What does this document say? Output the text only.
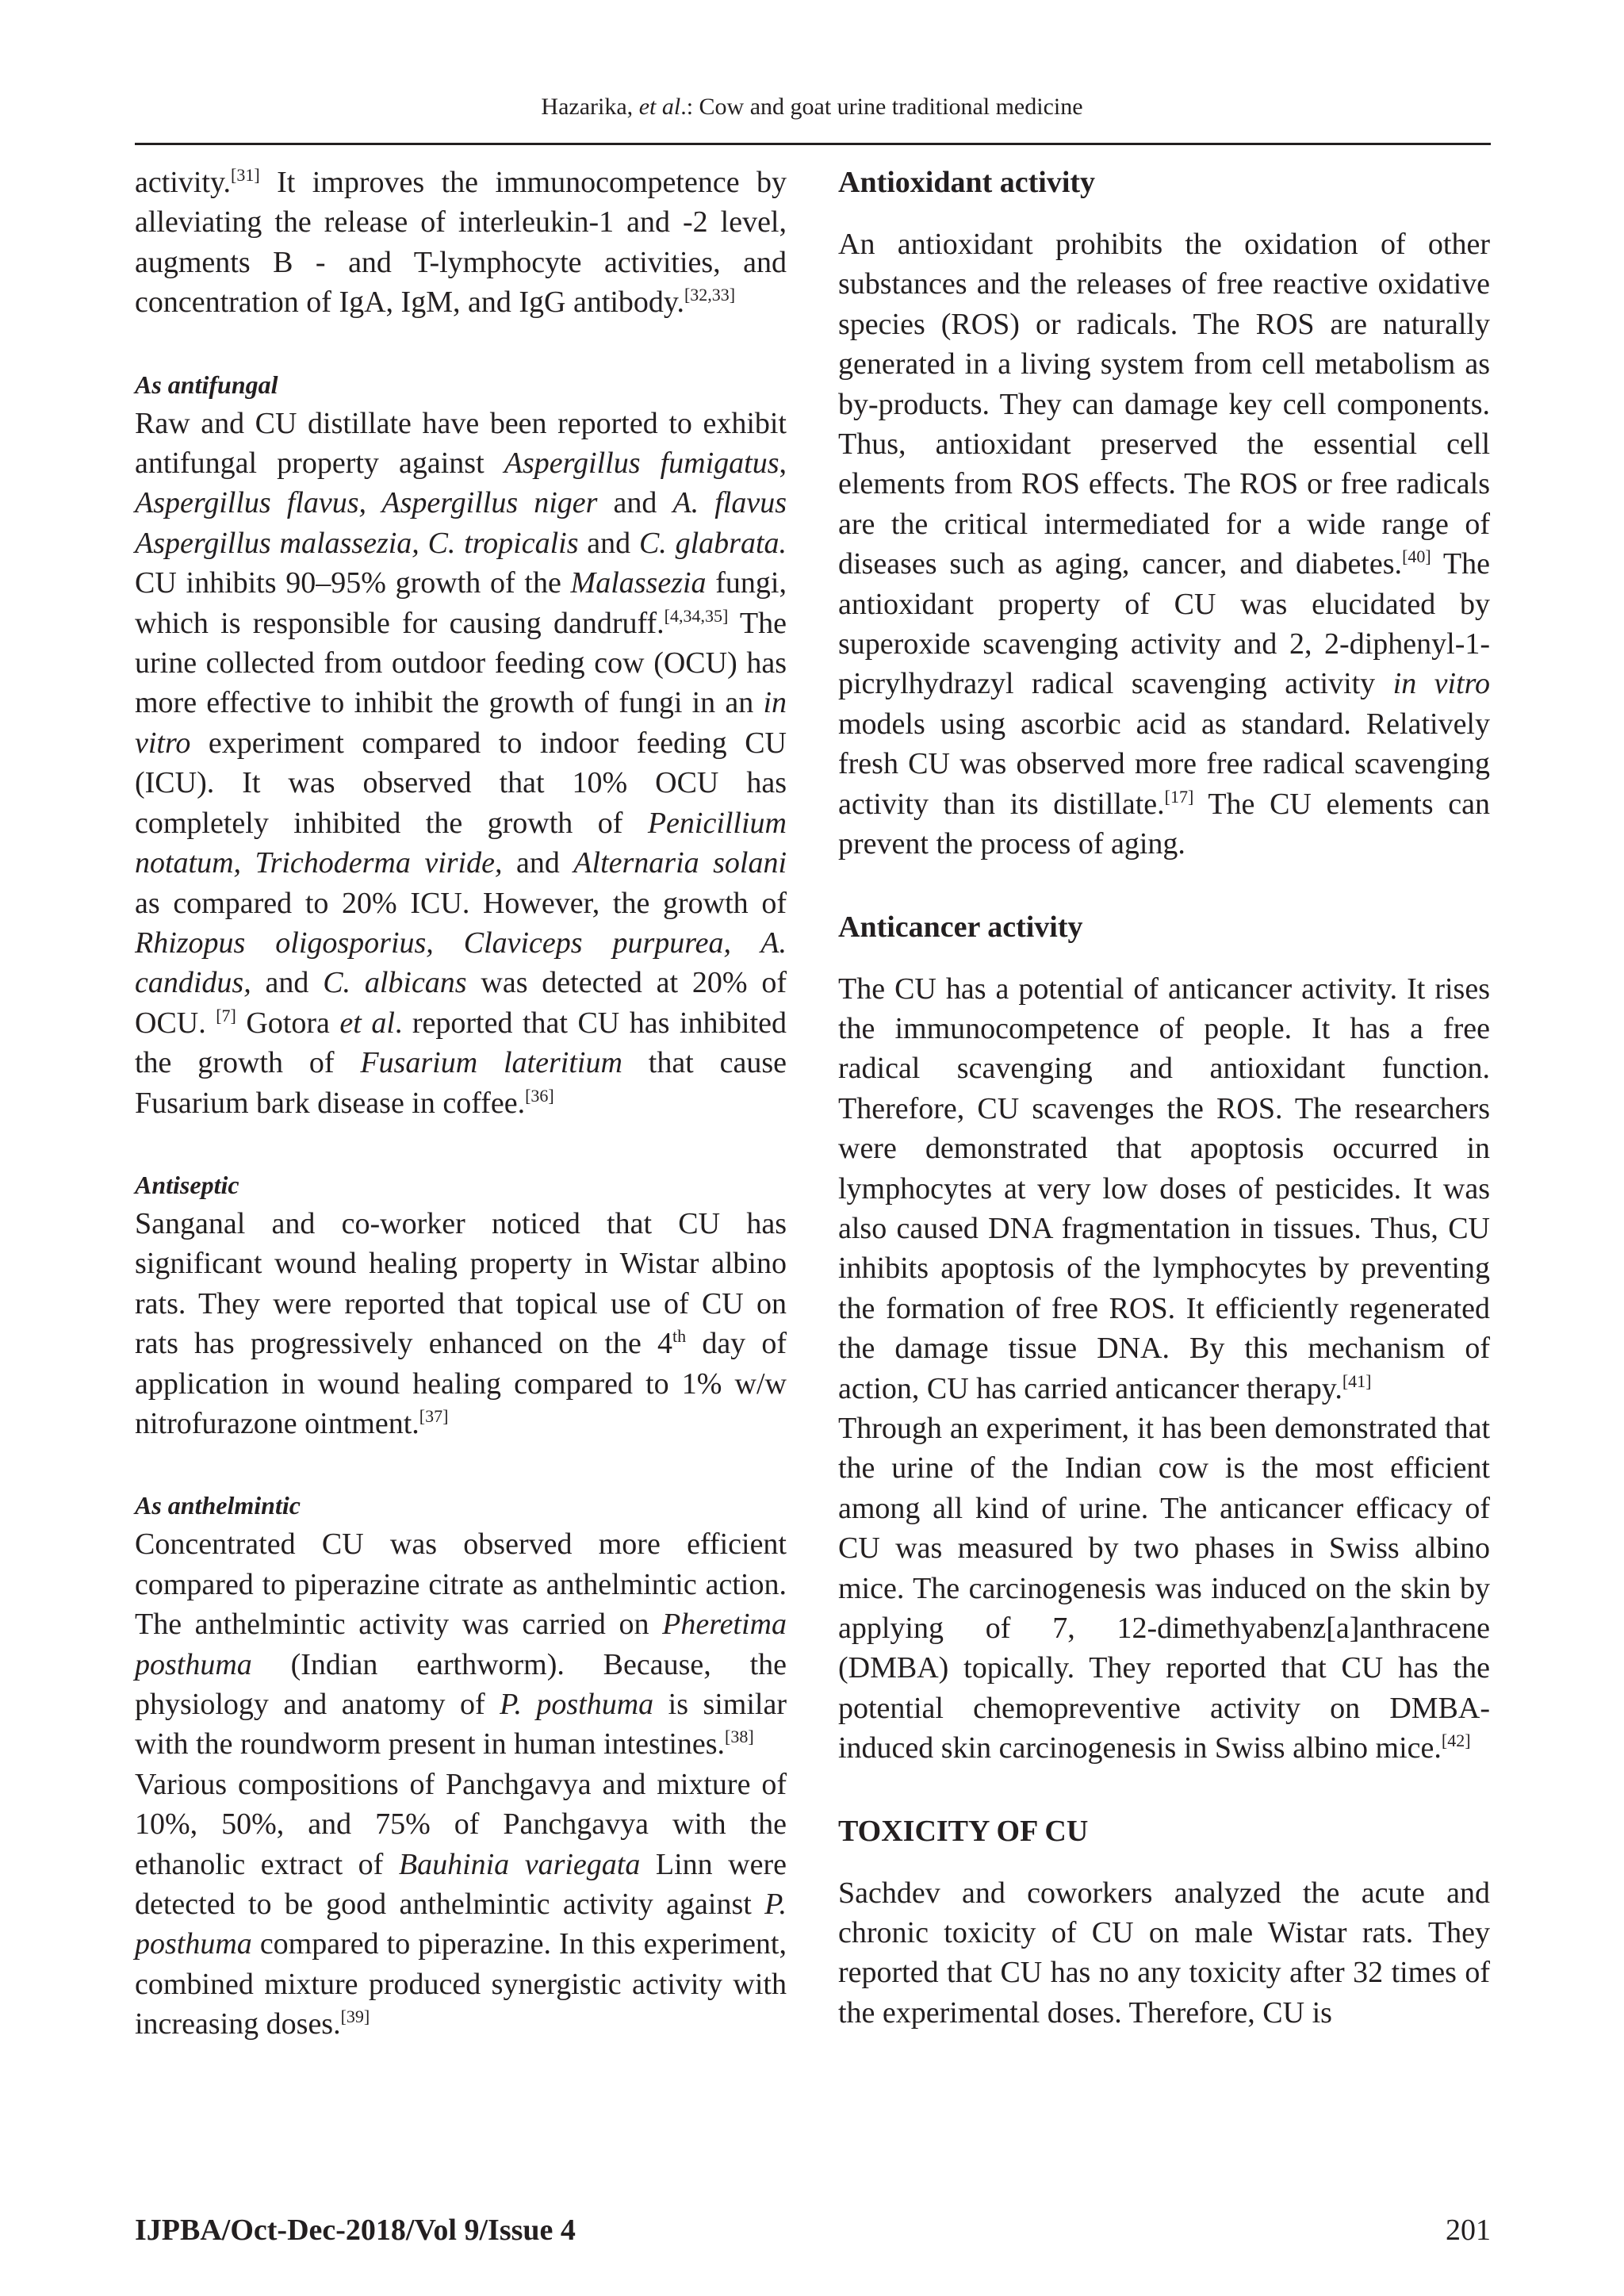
Hazarika, et al.: Cow and goat urine traditional medicine

activity.[31] It improves the immunocompetence by alleviating the release of interleukin-1 and -2 level, augments B - and T-lymphocyte activities, and concentration of IgA, IgM, and IgG antibody.[32,33]

As antifungal

Raw and CU distillate have been reported to exhibit antifungal property against Aspergillus fumigatus, Aspergillus flavus, Aspergillus niger and A. flavus Aspergillus malassezia, C. tropicalis and C. glabrata. CU inhibits 90–95% growth of the Malassezia fungi, which is responsible for causing dandruff.[4,34,35] The urine collected from outdoor feeding cow (OCU) has more effective to inhibit the growth of fungi in an in vitro experiment compared to indoor feeding CU (ICU). It was observed that 10% OCU has completely inhibited the growth of Penicillium notatum, Trichoderma viride, and Alternaria solani as compared to 20% ICU. However, the growth of Rhizopus oligosporius, Claviceps purpurea, A. candidus, and C. albicans was detected at 20% of OCU. [7] Gotora et al. reported that CU has inhibited the growth of Fusarium lateritium that cause Fusarium bark disease in coffee.[36]

Antiseptic

Sanganal and co-worker noticed that CU has significant wound healing property in Wistar albino rats. They were reported that topical use of CU on rats has progressively enhanced on the 4th day of application in wound healing compared to 1% w/w nitrofurazone ointment.[37]

As anthelmintic

Concentrated CU was observed more efficient compared to piperazine citrate as anthelmintic action. The anthelmintic activity was carried on Pheretima posthuma (Indian earthworm). Because, the physiology and anatomy of P. posthuma is similar with the roundworm present in human intestines.[38]

Various compositions of Panchgavya and mixture of 10%, 50%, and 75% of Panchgavya with the ethanolic extract of Bauhinia variegata Linn were detected to be good anthelmintic activity against P. posthuma compared to piperazine. In this experiment, combined mixture produced synergistic activity with increasing doses.[39]

Antioxidant activity

An antioxidant prohibits the oxidation of other substances and the releases of free reactive oxidative species (ROS) or radicals. The ROS are naturally generated in a living system from cell metabolism as by-products. They can damage key cell components. Thus, antioxidant preserved the essential cell elements from ROS effects. The ROS or free radicals are the critical intermediated for a wide range of diseases such as aging, cancer, and diabetes.[40] The antioxidant property of CU was elucidated by superoxide scavenging activity and 2, 2-diphenyl-1-picrylhydrazyl radical scavenging activity in vitro models using ascorbic acid as standard. Relatively fresh CU was observed more free radical scavenging activity than its distillate.[17] The CU elements can prevent the process of aging.

Anticancer activity

The CU has a potential of anticancer activity. It rises the immunocompetence of people. It has a free radical scavenging and antioxidant function. Therefore, CU scavenges the ROS. The researchers were demonstrated that apoptosis occurred in lymphocytes at very low doses of pesticides. It was also caused DNA fragmentation in tissues. Thus, CU inhibits apoptosis of the lymphocytes by preventing the formation of free ROS. It efficiently regenerated the damage tissue DNA. By this mechanism of action, CU has carried anticancer therapy.[41]

Through an experiment, it has been demonstrated that the urine of the Indian cow is the most efficient among all kind of urine. The anticancer efficacy of CU was measured by two phases in Swiss albino mice. The carcinogenesis was induced on the skin by applying of 7, 12-dimethyabenz[a]anthracene (DMBA) topically. They reported that CU has the potential chemopreventive activity on DMBA-induced skin carcinogenesis in Swiss albino mice.[42]

TOXICITY OF CU

Sachdev and coworkers analyzed the acute and chronic toxicity of CU on male Wistar rats. They reported that CU has no any toxicity after 32 times of the experimental doses. Therefore, CU is

IJPBA/Oct-Dec-2018/Vol 9/Issue 4	201
